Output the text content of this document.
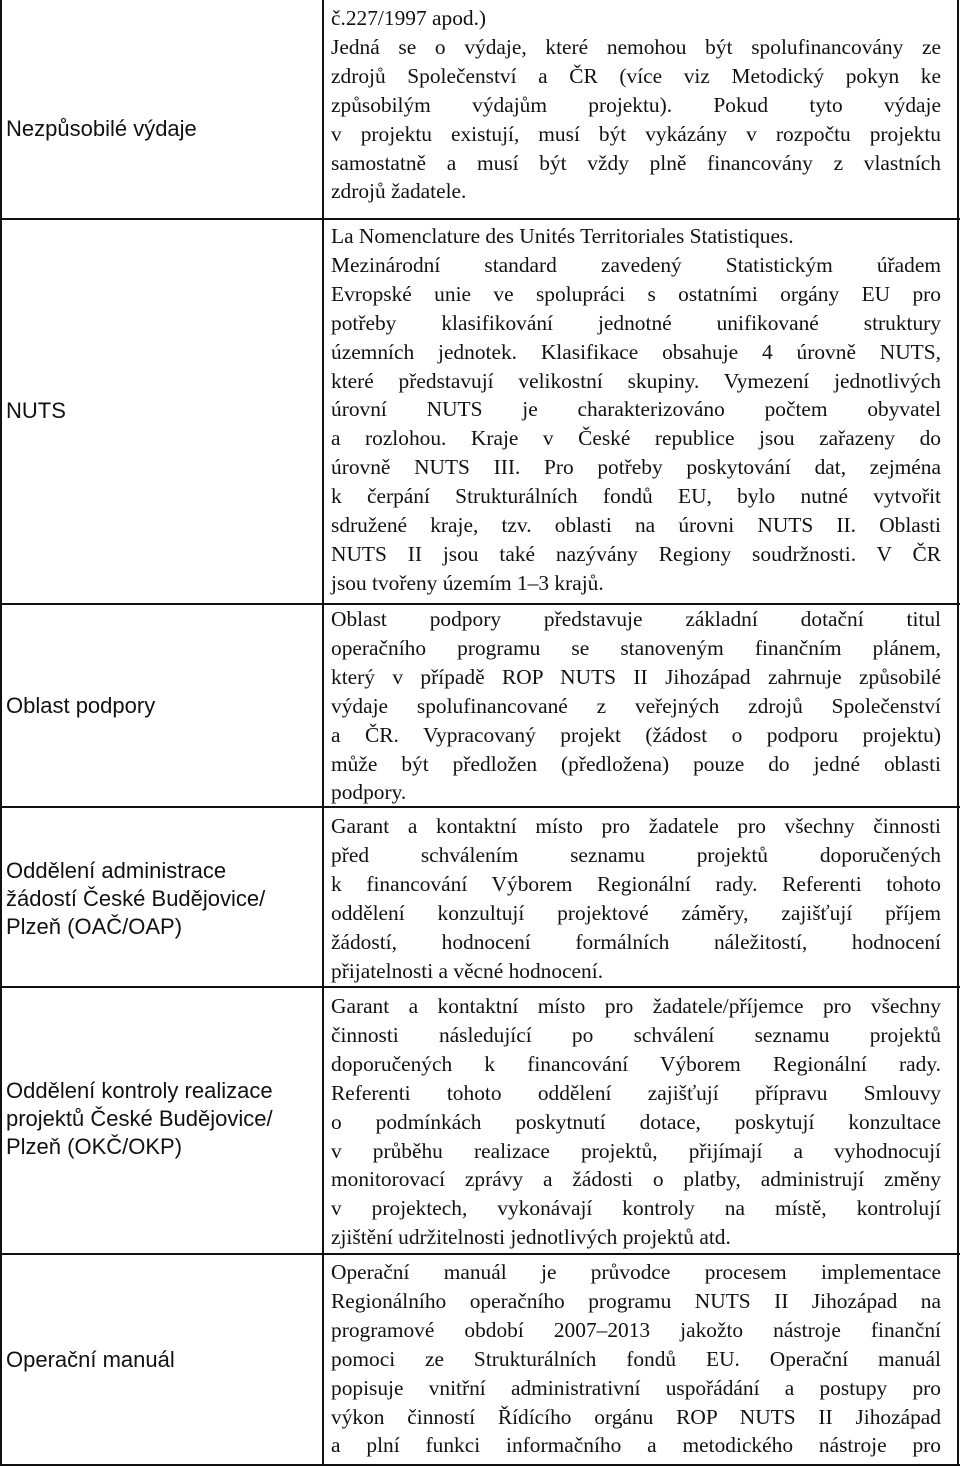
Nezpůsobilé výdaje
č.227/1997 apod.)
Jedná se o výdaje, které nemohou být spolufinancovány ze
zdrojů Společenství a ČR (více viz Metodický pokyn ke
způsobilým výdajům projektu). Pokud tyto výdaje
v projektu existují, musí být vykázány v rozpočtu projektu
samostatně a musí být vždy plně financovány z vlastních
zdrojů žadatele.
NUTS
La Nomenclature des Unités Territoriales Statistiques.
Mezinárodní standard zavedený Statistickým úřadem
Evropské unie ve spolupráci s ostatními orgány EU pro
potřeby klasifikování jednotné unifikované struktury
územních jednotek. Klasifikace obsahuje 4 úrovně NUTS,
které představují velikostní skupiny. Vymezení jednotlivých
úrovní NUTS je charakterizováno počtem obyvatel
a rozlohou. Kraje v České republice jsou zařazeny do
úrovně NUTS III. Pro potřeby poskytování dat, zejména
k čerpání Strukturálních fondů EU, bylo nutné vytvořit
sdružené kraje, tzv. oblasti na úrovni NUTS II. Oblasti
NUTS II jsou také nazývány Regiony soudržnosti. V ČR
jsou tvořeny územím 1–3 krajů.
Oblast podpory
Oblast podpory představuje základní dotační titul
operačního programu se stanoveným finančním plánem,
který v případě ROP NUTS II Jihozápad zahrnuje způsobilé
výdaje spolufinancované z veřejných zdrojů Společenství
a ČR. Vypracovaný projekt (žádost o podporu projektu)
může být předložen (předložena) pouze do jedné oblasti
podpory.
Oddělení administrace
žádostí České Budějovice/
Plzeň (OAČ/OAP)
Garant a kontaktní místo pro žadatele pro všechny činnosti
před schválením seznamu projektů doporučených
k financování Výborem Regionální rady. Referenti tohoto
oddělení konzultují projektové záměry, zajišťují příjem
žádostí, hodnocení formálních náležitostí, hodnocení
přijatelnosti a věcné hodnocení.
Oddělení kontroly realizace
projektů České Budějovice/
Plzeň (OKČ/OKP)
Garant a kontaktní místo pro žadatele/příjemce pro všechny
činnosti následující po schválení seznamu projektů
doporučených k financování Výborem Regionální rady.
Referenti tohoto oddělení zajišťují přípravu Smlouvy
o podmínkách poskytnutí dotace, poskytují konzultace
v průběhu realizace projektů, přijímají a vyhodnocují
monitorovací zprávy a žádosti o platby, administrují změny
v projektech, vykonávají kontroly na místě, kontrolují
zjištění udržitelnosti jednotlivých projektů atd.
Operační manuál
Operační manuál je průvodce procesem implementace
Regionálního operačního programu NUTS II Jihozápad na
programové období 2007–2013 jakožto nástroje finanční
pomoci ze Strukturálních fondů EU. Operační manuál
popisuje vnitřní administrativní uspořádání a postupy pro
výkon činností Řídícího orgánu ROP NUTS II Jihozápad
a plní funkci informačního a metodického nástroje pro
